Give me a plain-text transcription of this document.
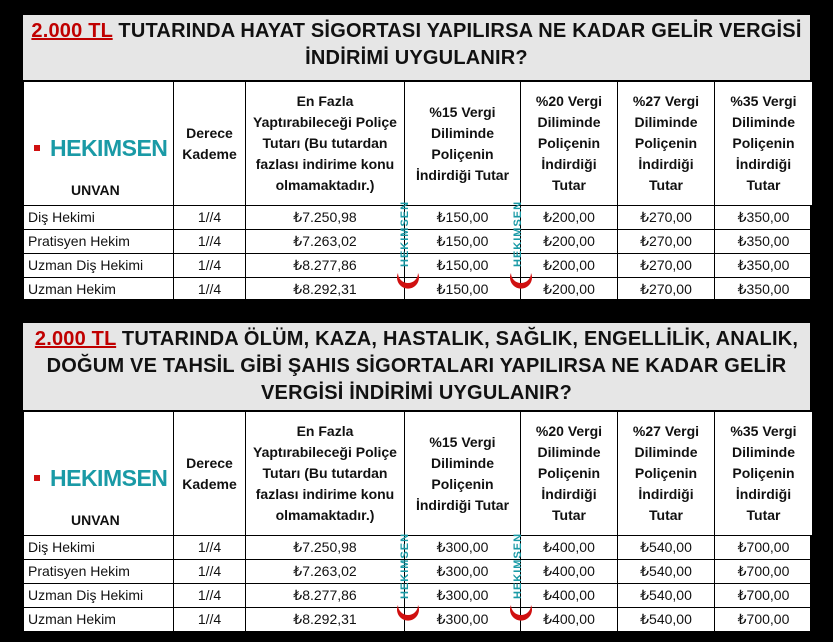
2.000 TL TUTARINDA HAYAT SİGORTASI YAPILIRSA NE KADAR GELİR VERGİSİ İNDİRİMİ UYGULANIR?
HEKIMSEN
UNVAN	Derece Kademe	En Fazla Yaptırabileceği Poliçe Tutarı (Bu tutardan fazlası indirime konu olmamaktadır.)	%15 Vergi Diliminde Poliçenin İndirdiği Tutar	%20 Vergi Diliminde Poliçenin İndirdiği Tutar	%27 Vergi Diliminde Poliçenin İndirdiği Tutar	%35 Vergi Diliminde Poliçenin İndirdiği Tutar
Diş Hekimi	1//4	₺7.250,98	₺150,00	₺200,00	₺270,00	₺350,00
Pratisyen Hekim	1//4	₺7.263,02	₺150,00	₺200,00	₺270,00	₺350,00
Uzman Diş Hekimi	1//4	₺8.277,86	₺150,00	₺200,00	₺270,00	₺350,00
Uzman Hekim	1//4	₺8.292,31	₺150,00	₺200,00	₺270,00	₺350,00
HEKIMSEN	HEKIMSEN
2.000 TL TUTARINDA ÖLÜM, KAZA, HASTALIK, SAĞLIK, ENGELLİLİK, ANALIK, DOĞUM VE TAHSİL GİBİ ŞAHIS SİGORTALARI YAPILIRSA NE KADAR GELİR VERGİSİ İNDİRİMİ UYGULANIR?
HEKIMSEN
UNVAN	Derece Kademe	En Fazla Yaptırabileceği Poliçe Tutarı (Bu tutardan fazlası indirime konu olmamaktadır.)	%15 Vergi Diliminde Poliçenin İndirdiği Tutar	%20 Vergi Diliminde Poliçenin İndirdiği Tutar	%27 Vergi Diliminde Poliçenin İndirdiği Tutar	%35 Vergi Diliminde Poliçenin İndirdiği Tutar
Diş Hekimi	1//4	₺7.250,98	₺300,00	₺400,00	₺540,00	₺700,00
Pratisyen Hekim	1//4	₺7.263,02	₺300,00	₺400,00	₺540,00	₺700,00
Uzman Diş Hekimi	1//4	₺8.277,86	₺300,00	₺400,00	₺540,00	₺700,00
Uzman Hekim	1//4	₺8.292,31	₺300,00	₺400,00	₺540,00	₺700,00
HEKIMSEN	HEKIMSEN
